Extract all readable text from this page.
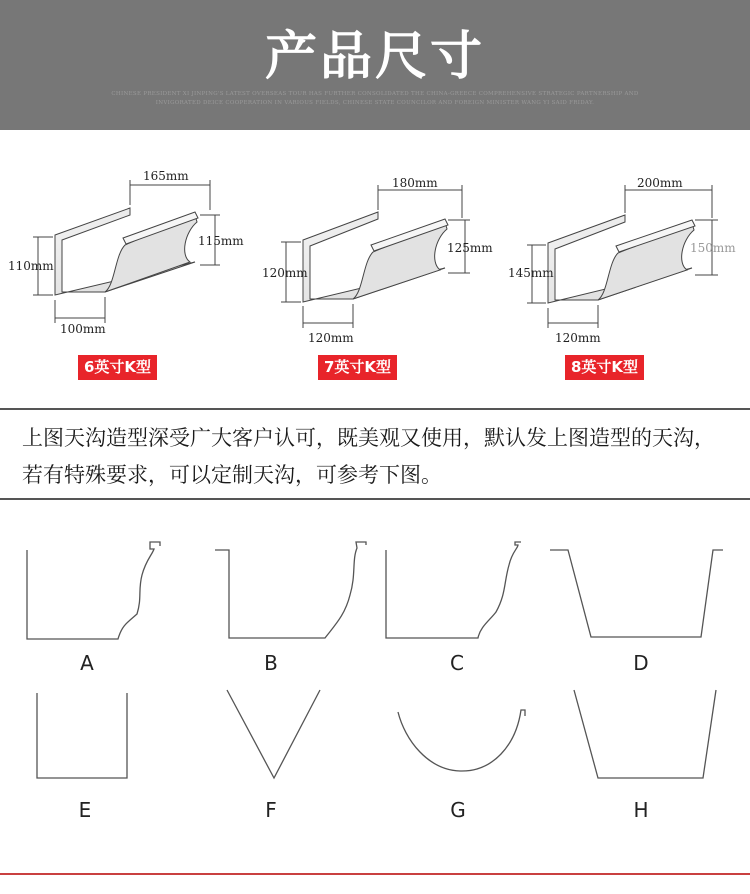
产品尺寸
CHINESE PRESIDENT XI JINPING'S LATEST OVERSEAS TOUR HAS FURTHER CONSOLIDATED THE CHINA-GREECE COMPREHENSIVE STRATEGIC PARTNERSHIP AND INVIGORATED DEICE COOPERATION IN VARIOUS FIELDS, CHINESE STATE COUNCILOR AND FOREIGN MINISTER WANG YI SAID FRIDAY.
165mm
115mm
110mm
100mm
180mm
125mm
120mm
120mm
200mm
150mm
145mm
120mm
6英寸K型	7英寸K型	8英寸K型
上图天沟造型深受广大客户认可，既美观又使用，默认发上图造型的天沟，若有特殊要求，可以定制天沟，可参考下图。
A	B	C	D
E	F	G	H
